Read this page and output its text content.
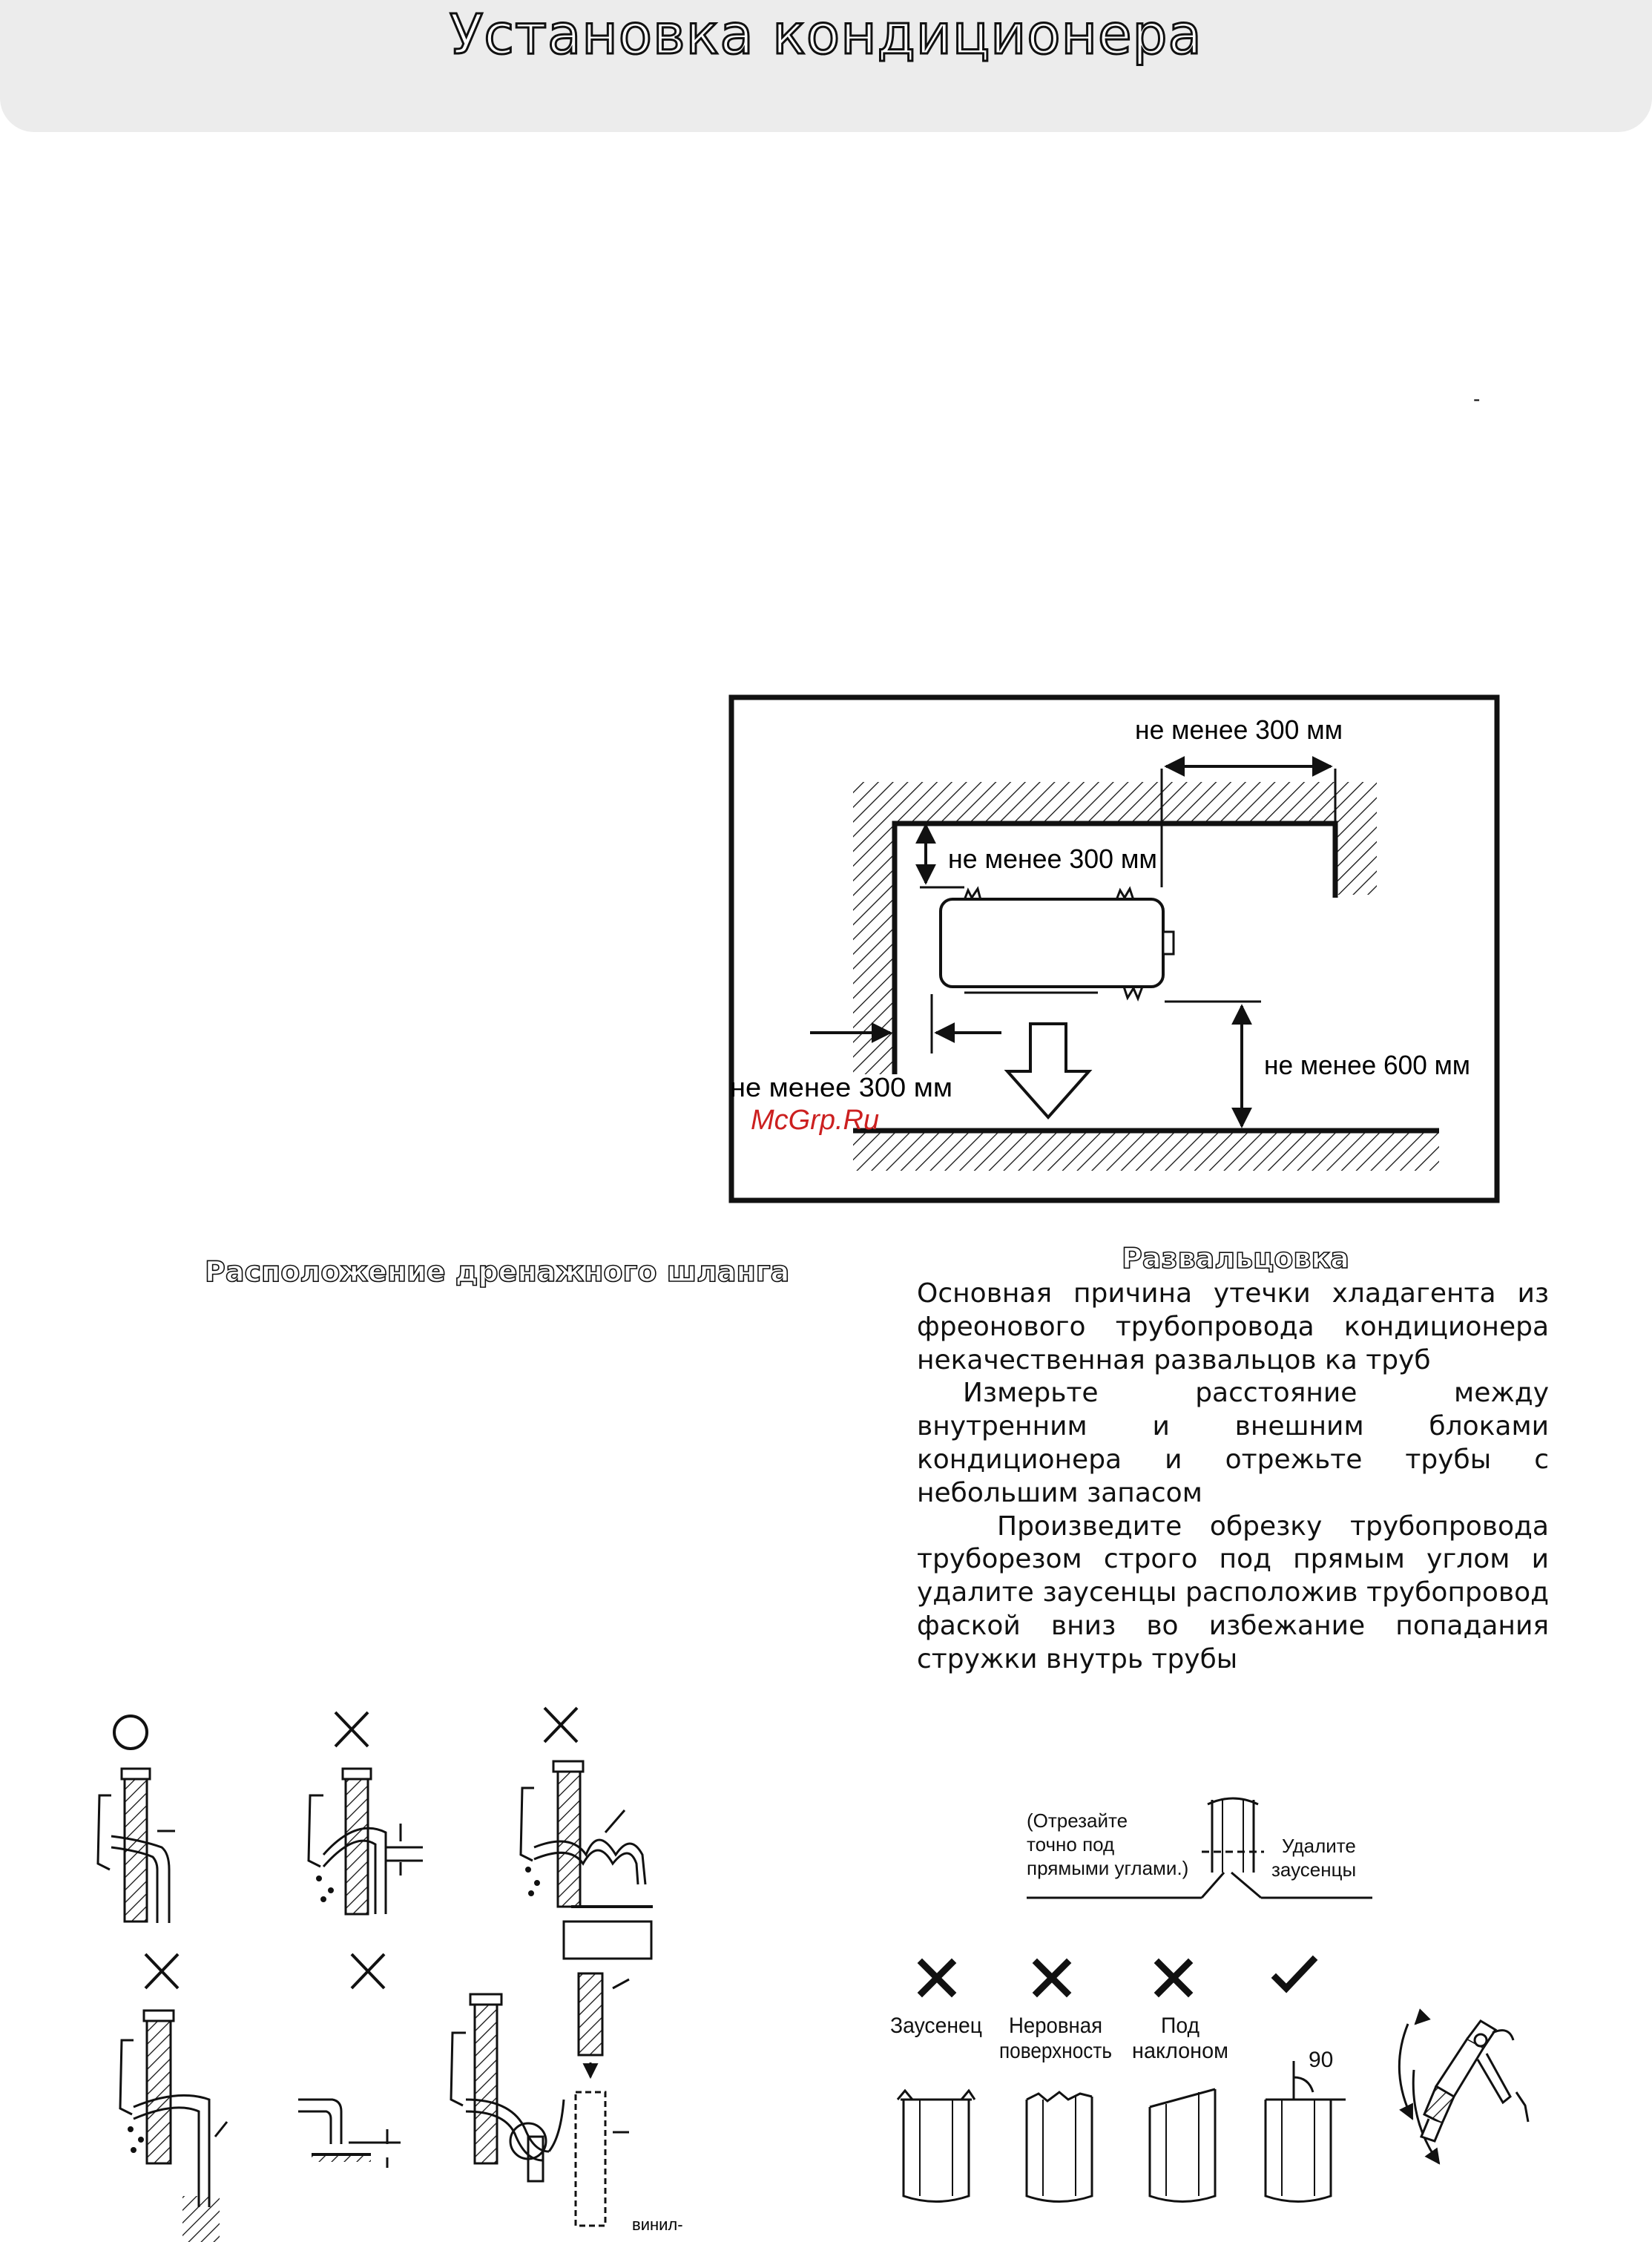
Установка кондиционера
-
Расположение дренажного шланга	Развальцовка

Основная причина утечки хладагента из фреонового трубопровода кондиционера некачественная развальцов ка труб

Измерьте расстояние между внутренним и внешним блоками кондиционера и отрежьте трубы с небольшим запасом

Произведите обрезку трубопровода труборезом строго под прямым углом и удалите заусенцы расположив трубопровод фаской вниз во избежание попадания стружки внутрь трубы

не менее 300 мм
не менее 300 мм
не менее 300 мм
не менее 600 мм
McGrp.Ru
винил-
(Отрезайте
точно под
прямыми углами.)
Удалите
заусенцы
Заусенец Неровная
поверхность
Под
наклоном	90
